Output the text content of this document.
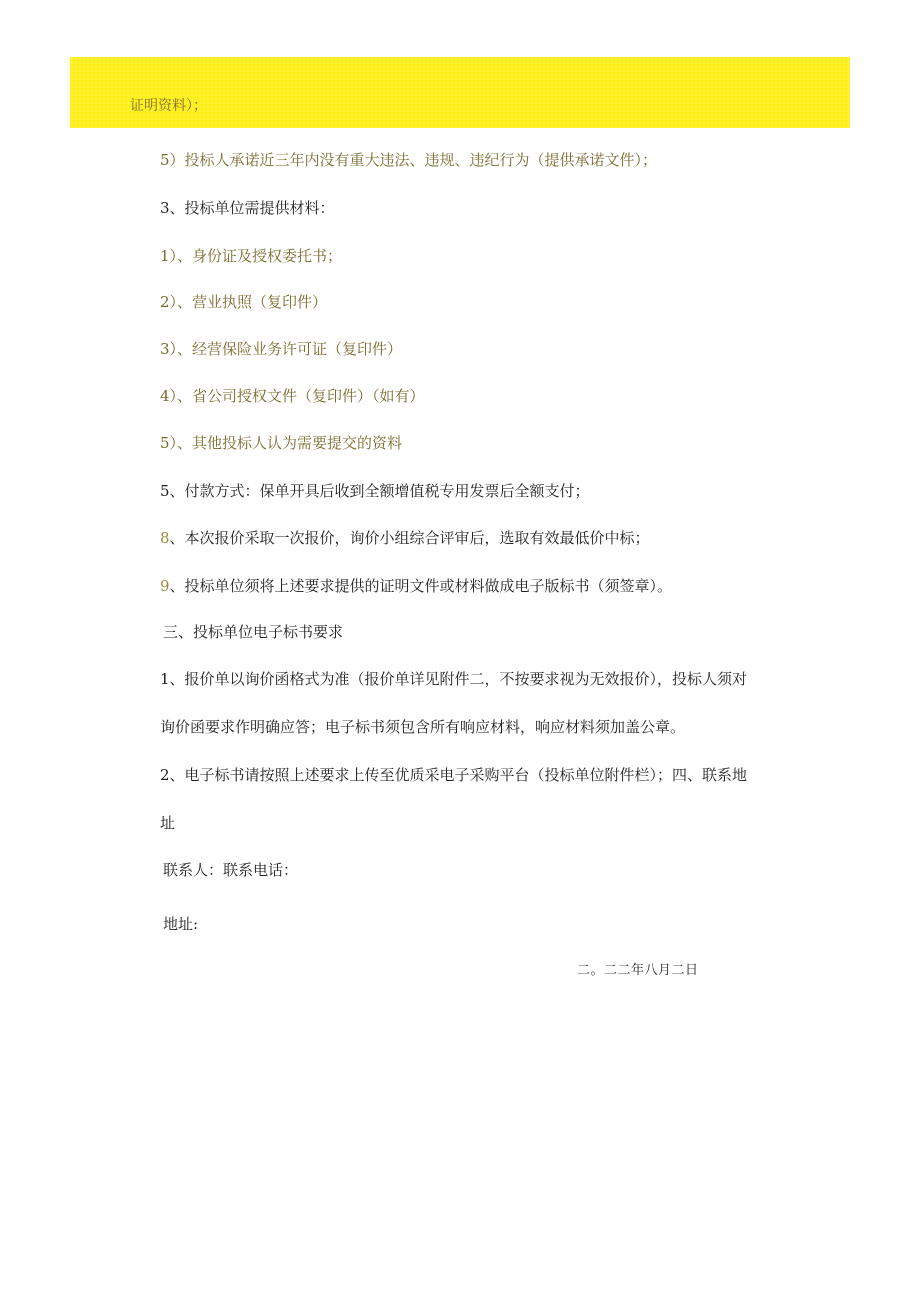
证明资料）；
5）投标人承诺近三年内没有重大违法、违规、违纪行为（提供承诺文件）；
3、投标单位需提供材料：
1）、身份证及授权委托书；
2）、营业执照（复印件）
3）、经营保险业务许可证（复印件）
4）、省公司授权文件（复印件）（如有）
5）、其他投标人认为需要提交的资料
5、付款方式：保单开具后收到全额增值税专用发票后全额支付；
8、本次报价采取一次报价，询价小组综合评审后，选取有效最低价中标；
9、投标单位须将上述要求提供的证明文件或材料做成电子版标书（须签章）。
三、投标单位电子标书要求
1、报价单以询价函格式为准（报价单详见附件二，不按要求视为无效报价），投标人须对
询价函要求作明确应答；电子标书须包含所有响应材料，响应材料须加盖公章。
2、电子标书请按照上述要求上传至优质采电子采购平台（投标单位附件栏）；四、联系地
址
联系人：联系电话：
地址:
二。二二年八月二日
